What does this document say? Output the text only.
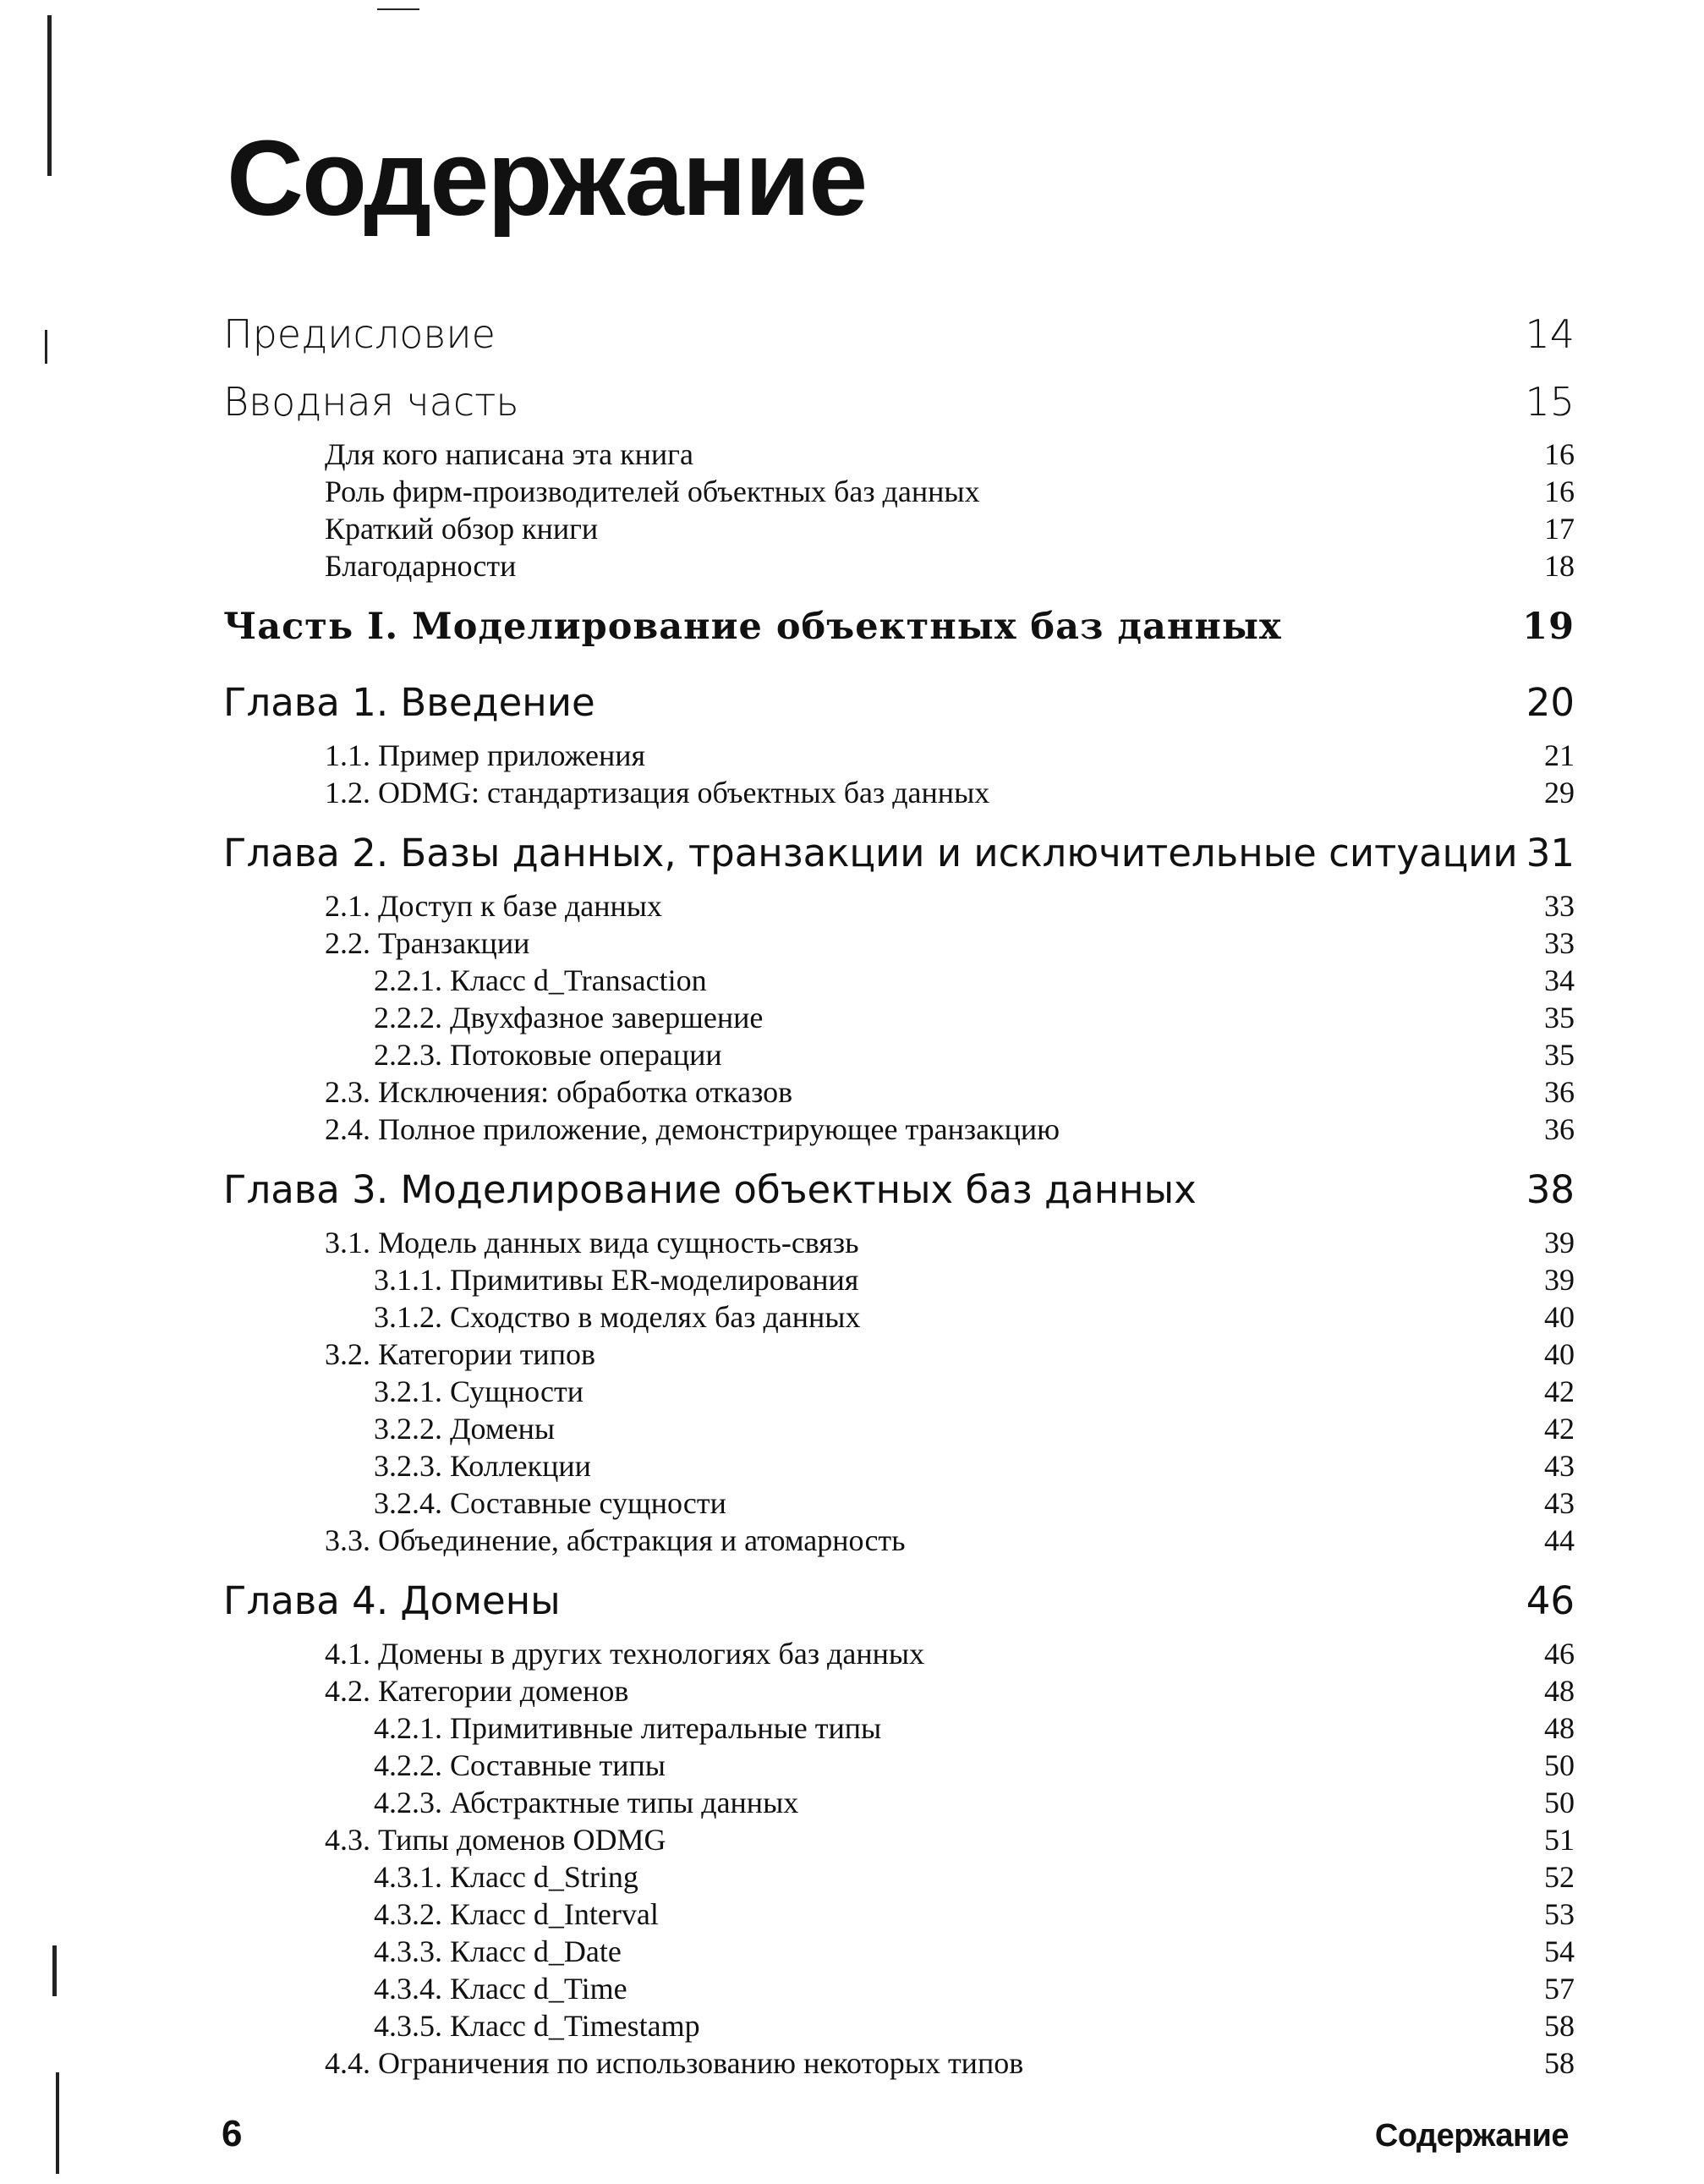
Содержание
Предисловие	14
Вводная часть	15
Для кого написана эта книга	16
Роль фирм-производителей объектных баз данных	16
Краткий обзор книги	17
Благодарности	18
Часть I. Моделирование объектных баз данных	19
Глава 1. Введение	20
1.1. Пример приложения	21
1.2. ODMG: стандартизация объектных баз данных	29
Глава 2. Базы данных, транзакции и исключительные ситуации 31
2.1. Доступ к базе данных	33
2.2. Транзакции	33
2.2.1. Класс d_Transaction	34
2.2.2. Двухфазное завершение	35
2.2.3. Потоковые операции	35
2.3. Исключения: обработка отказов	36
2.4. Полное приложение, демонстрирующее транзакцию	36
Глава 3. Моделирование объектных баз данных	38
3.1. Модель данных вида сущность-связь	39
3.1.1. Примитивы ER-моделирования	39
3.1.2. Сходство в моделях баз данных	40
3.2. Категории типов	40
3.2.1. Сущности	42
3.2.2. Домены	42
3.2.3. Коллекции	43
3.2.4. Составные сущности	43
3.3. Объединение, абстракция и атомарность	44
Глава 4. Домены	46
4.1. Домены в других технологиях баз данных	46
4.2. Категории доменов	48
4.2.1. Примитивные литеральные типы	48
4.2.2. Составные типы	50
4.2.3. Абстрактные типы данных	50
4.3. Типы доменов ODMG	51
4.3.1. Класс d_String	52
4.3.2. Класс d_Interval	53
4.3.3. Класс d_Date	54
4.3.4. Класс d_Time	57
4.3.5. Класс d_Timestamp	58
4.4. Ограничения по использованию некоторых типов	58
6	Содержание
